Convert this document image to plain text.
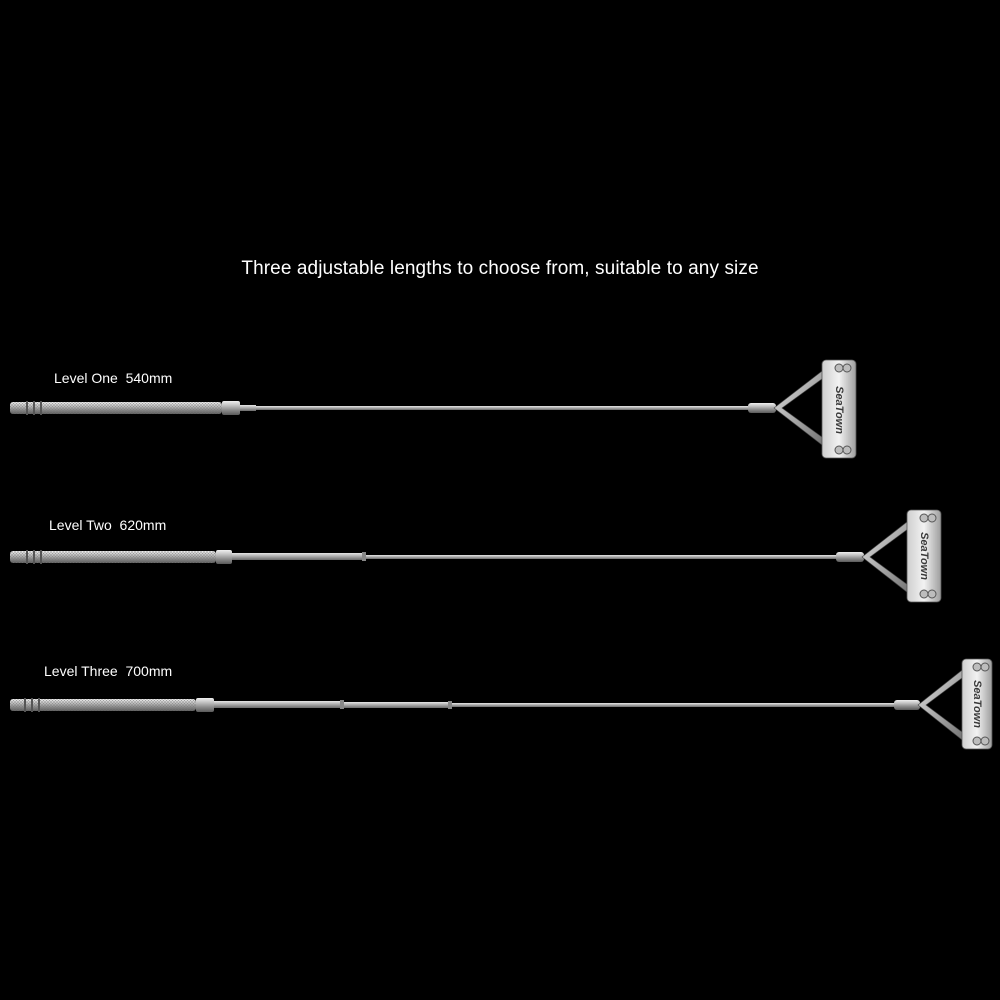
Three adjustable lengths to choose from, suitable to any size
Level One  540mm
Level Two  620mm
Level Three  700mm
SeaTown
SeaTown
SeaTown
